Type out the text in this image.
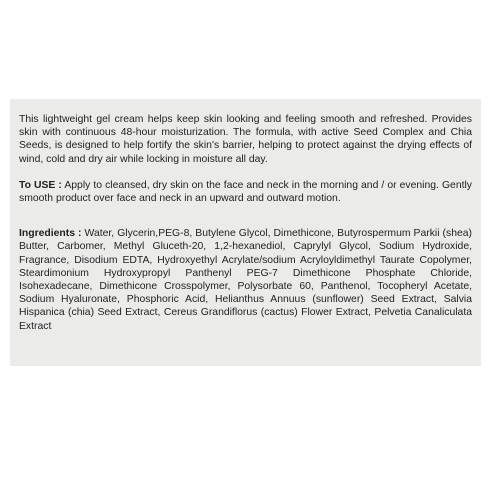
This lightweight gel cream helps keep skin looking and feeling smooth and refreshed. Provides skin with continuous 48-hour moisturization. The formula, with active Seed Complex and Chia Seeds, is designed to help fortify the skin's barrier, helping to protect against the drying effects of wind, cold and dry air while locking in moisture all day.

To USE : Apply to cleansed, dry skin on the face and neck in the morning and / or evening. Gently smooth product over face and neck in an upward and outward motion.

Ingredients : Water, Glycerin,PEG-8, Butylene Glycol, Dimethicone, Butyrospermum Parkii (shea) Butter, Carbomer, Methyl Gluceth-20, 1,2-hexanediol, Caprylyl Glycol, Sodium Hydroxide, Fragrance, Disodium EDTA, Hydroxyethyl Acrylate/sodium Acryloyldimethyl Taurate Copolymer, Steardimonium Hydroxypropyl Panthenyl PEG-7 Dimethicone Phosphate Chloride, Isohexadecane, Dimethicone Crosspolymer, Polysorbate 60, Panthenol, Tocopheryl Acetate, Sodium Hyaluronate, Phosphoric Acid, Helianthus Annuus (sunflower) Seed Extract, Salvia Hispanica (chia) Seed Extract, Cereus Grandiflorus (cactus) Flower Extract, Pelvetia Canaliculata Extract
